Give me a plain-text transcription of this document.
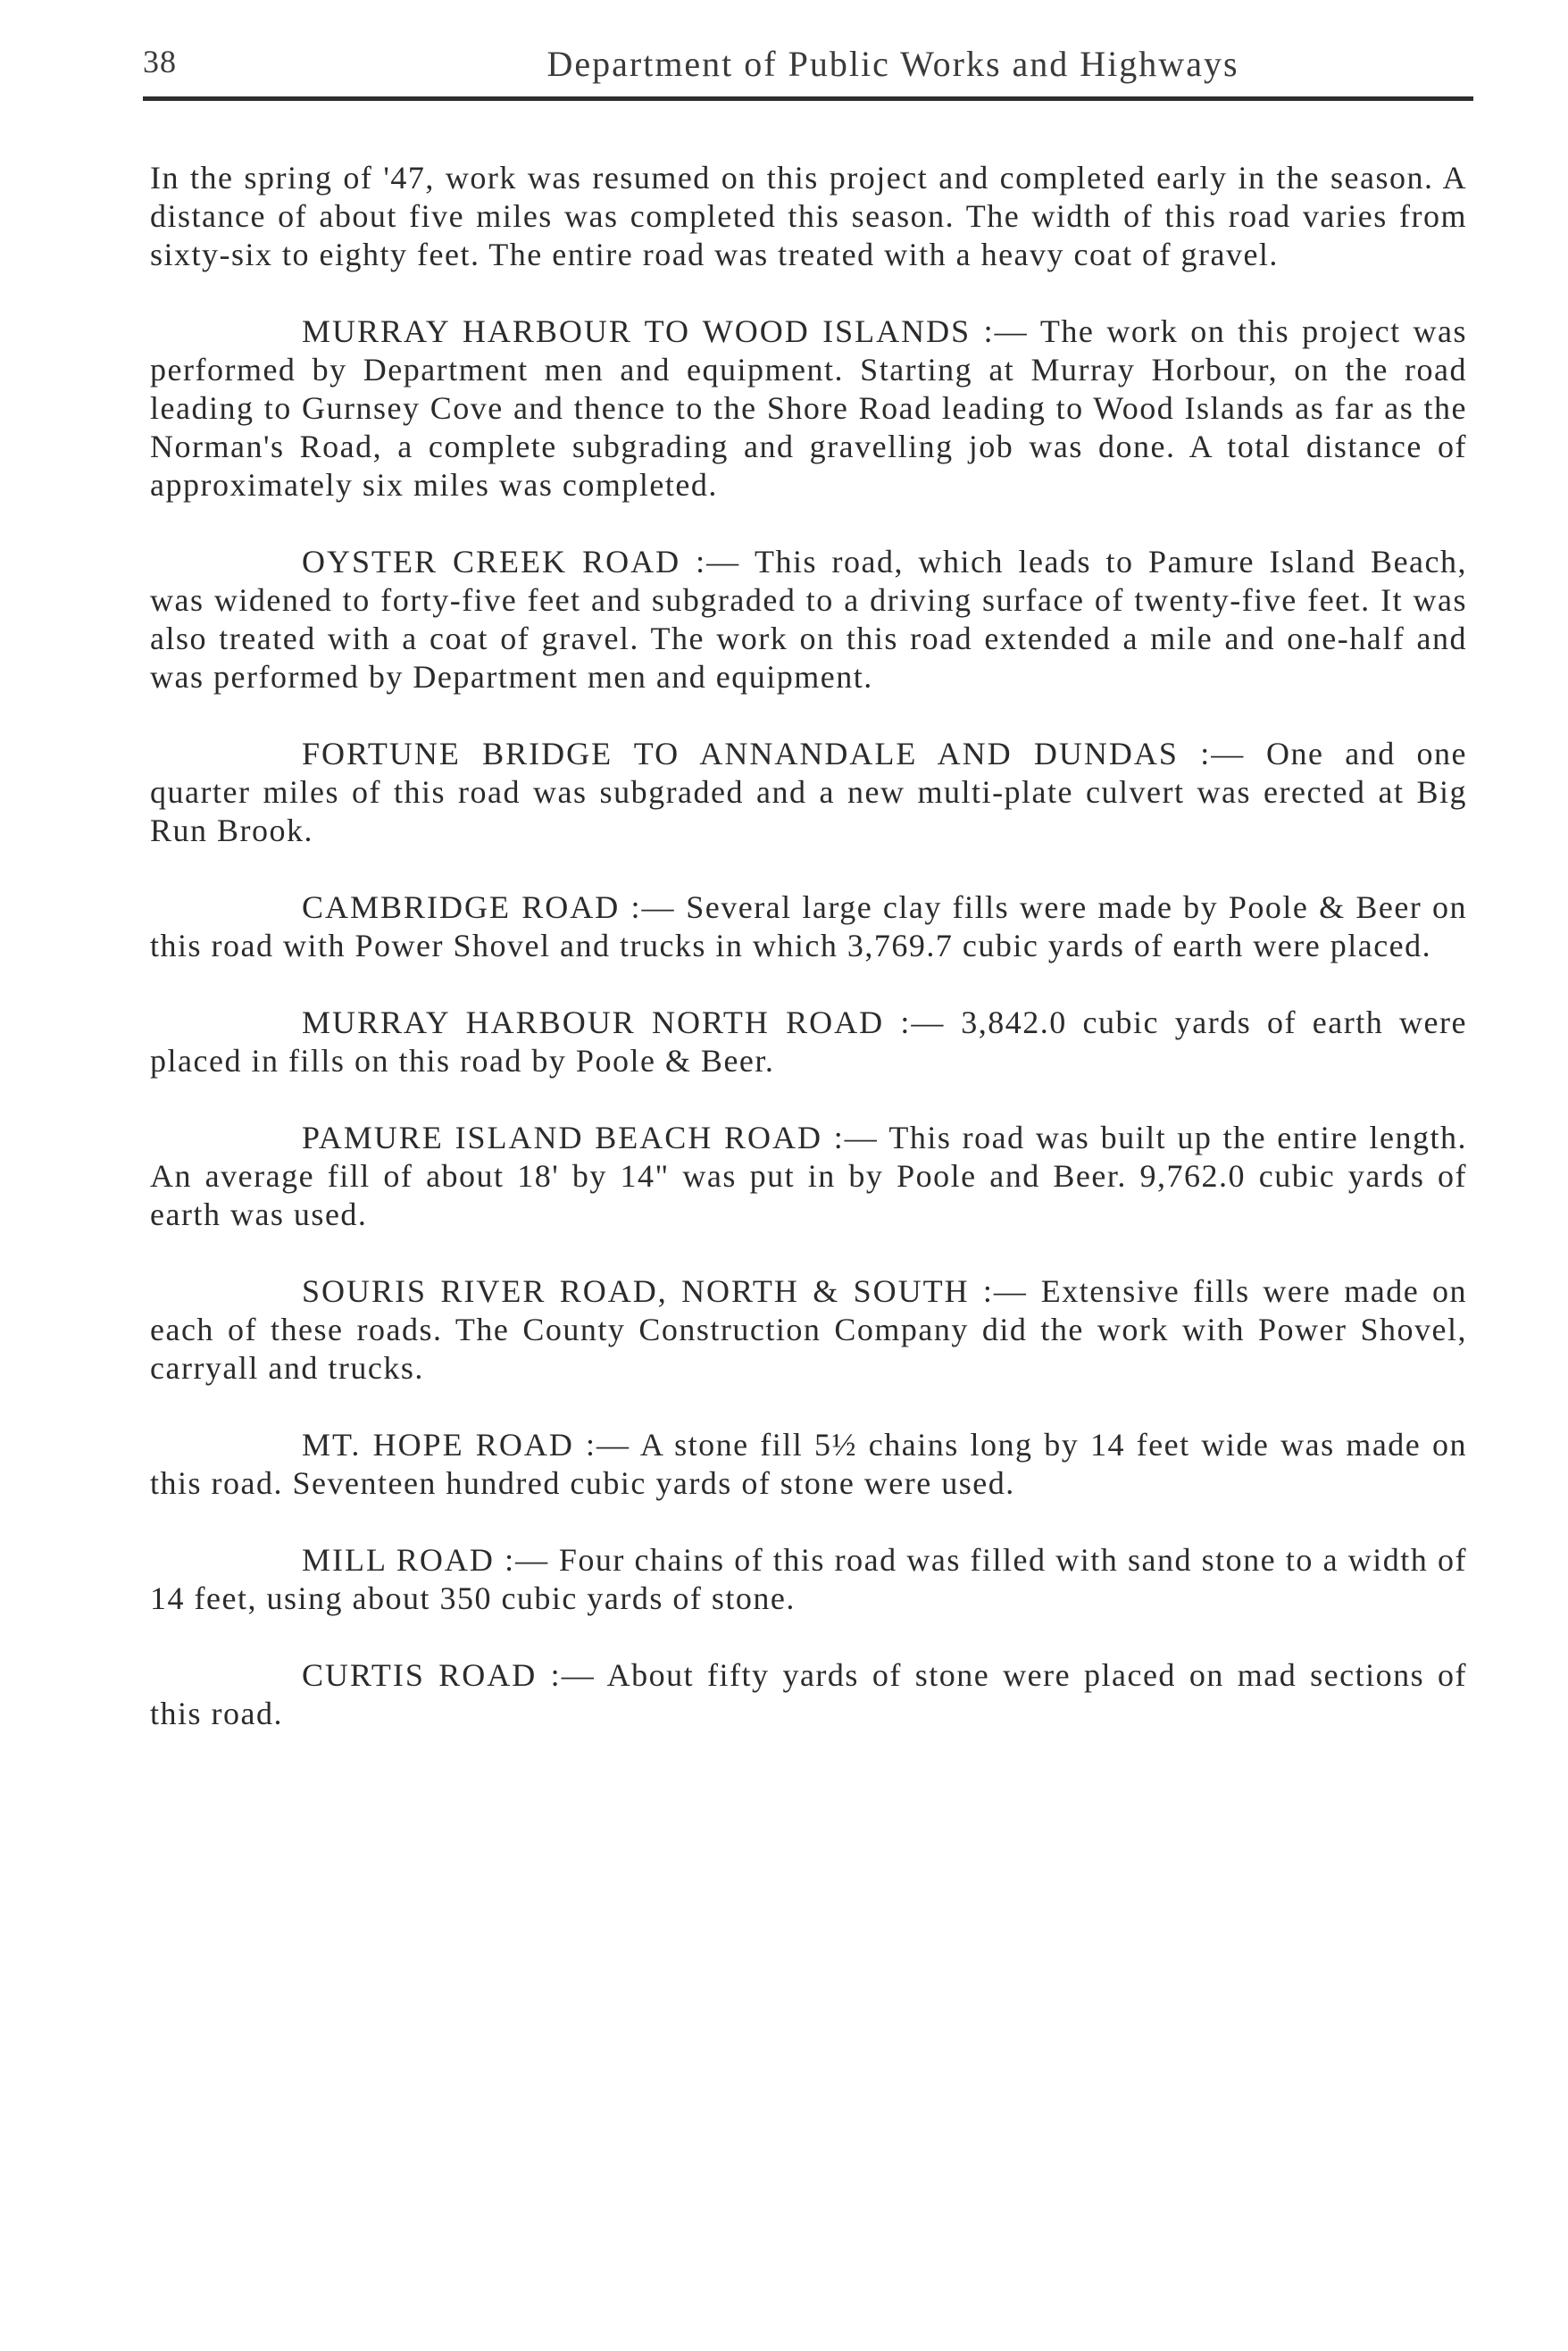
38	Department of Public Works and Highways

In the spring of '47, work was resumed on this project and completed early in the season. A distance of about five miles was completed this season. The width of this road varies from sixty-six to eighty feet. The entire road was treated with a heavy coat of gravel.

MURRAY HARBOUR TO WOOD ISLANDS :— The work on this project was performed by Department men and equipment. Starting at Murray Horbour, on the road leading to Gurnsey Cove and thence to the Shore Road leading to Wood Islands as far as the Norman's Road, a complete subgrading and gravelling job was done. A total distance of approximately six miles was completed.

OYSTER CREEK ROAD :— This road, which leads to Pamure Island Beach, was widened to forty-five feet and subgraded to a driving surface of twenty-five feet. It was also treated with a coat of gravel. The work on this road extended a mile and one-half and was performed by Department men and equipment.

FORTUNE BRIDGE TO ANNANDALE AND DUNDAS :— One and one quarter miles of this road was subgraded and a new multi-plate culvert was erected at Big Run Brook.

CAMBRIDGE ROAD :— Several large clay fills were made by Poole & Beer on this road with Power Shovel and trucks in which 3,769.7 cubic yards of earth were placed.

MURRAY HARBOUR NORTH ROAD :— 3,842.0 cubic yards of earth were placed in fills on this road by Poole & Beer.

PAMURE ISLAND BEACH ROAD :— This road was built up the entire length. An average fill of about 18' by 14" was put in by Poole and Beer. 9,762.0 cubic yards of earth was used.

SOURIS RIVER ROAD, NORTH & SOUTH :— Extensive fills were made on each of these roads. The County Construction Company did the work with Power Shovel, carryall and trucks.

MT. HOPE ROAD :— A stone fill 5½ chains long by 14 feet wide was made on this road. Seventeen hundred cubic yards of stone were used.

MILL ROAD :— Four chains of this road was filled with sand stone to a width of 14 feet, using about 350 cubic yards of stone.

CURTIS ROAD :— About fifty yards of stone were placed on mad sections of this road.
